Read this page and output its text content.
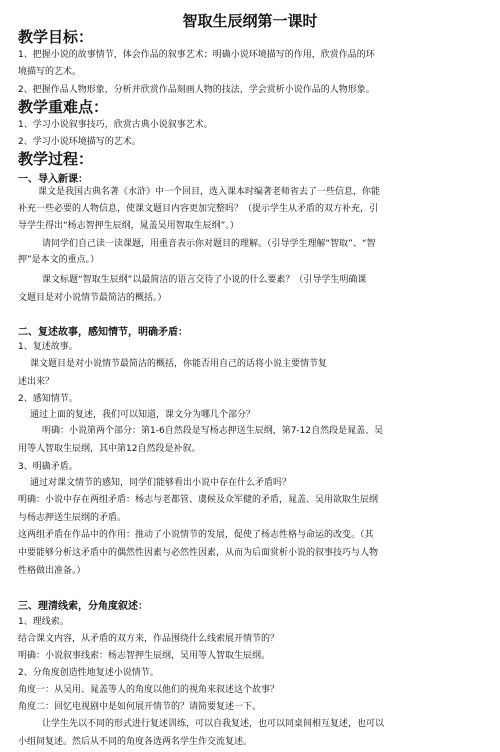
智取生辰纲第一课时
教学目标：
1、把握小说的故事情节，体会作品的叙事艺术；明确小说环境描写的作用，欣赏作品的环
境描写的艺术。
2、把握作品人物形象，分析并欣赏作品刻画人物的技法，学会赏析小说作品的人物形象。
教学重难点：
1、学习小说叙事技巧，欣赏古典小说叙事艺术。
2、学习小说环境描写的艺术。
教学过程：
一、导入新课：
课文是我国古典名著《水浒》中一个回目，选入课本时编著老师省去了一些信息，你能
补充一些必要的人物信息，使课文题目内容更加完整吗？（提示学生从矛盾的双方补充，引
导学生得出“杨志智押生辰纲，晁盖吴用智取生辰纲”。）
请同学们自己读一读课题，用重音表示你对题目的理解。（引导学生理解“智取”、“智
押”是本文的重点。）
课文标题“智取生辰纲”以最简洁的语言交待了小说的什么要素？（引导学生明确课
文题目是对小说情节最简洁的概括。）
二、复述故事，感知情节，明确矛盾：
1、复述故事。
课文题目是对小说情节最简洁的概括，你能否用自己的话将小说主要情节复
述出来？
2、感知情节。
通过上面的复述，我们可以知道，课文分为哪几个部分？
明确：小说第两个部分：第1-6自然段是写杨志押送生辰纲，第7-12自然段是晁盖、吴
用等人智取生辰纲，其中第12自然段是补叙。
3、明确矛盾。
通过对课文情节的感知，同学们能够看出小说中存在什么矛盾吗？
明确：小说中存在两组矛盾：杨志与老都管、虞候及众军健的矛盾，晁盖、吴用欲取生辰纲
与杨志押送生辰纲的矛盾。
这两组矛盾在作品中的作用：推动了小说情节的发展，促使了杨志性格与命运的改变。（其
中要能够分析这矛盾中的偶然性因素与必然性因素，从而为后面赏析小说的叙事技巧与人物
性格做出准备。）
三、理清线索，分角度叙述：
1、理线索。
结合课文内容，从矛盾的双方来，作品围绕什么线索展开情节的？
明确：小说叙事线索：杨志智押生辰纲，吴用等人智取生辰纲。
2、分角度创造性地复述小说情节。
角度一：从吴用、晁盖等人的角度以他们的视角来叙述这个故事？
角度二：回忆电视剧中是如何展开情节的？请简要复述一下。
让学生先以不同的形式进行复述训练，可以自我复述，也可以同桌间相互复述，也可以
小组间复述。然后从不同的角度各选两名学生作交流复述。
